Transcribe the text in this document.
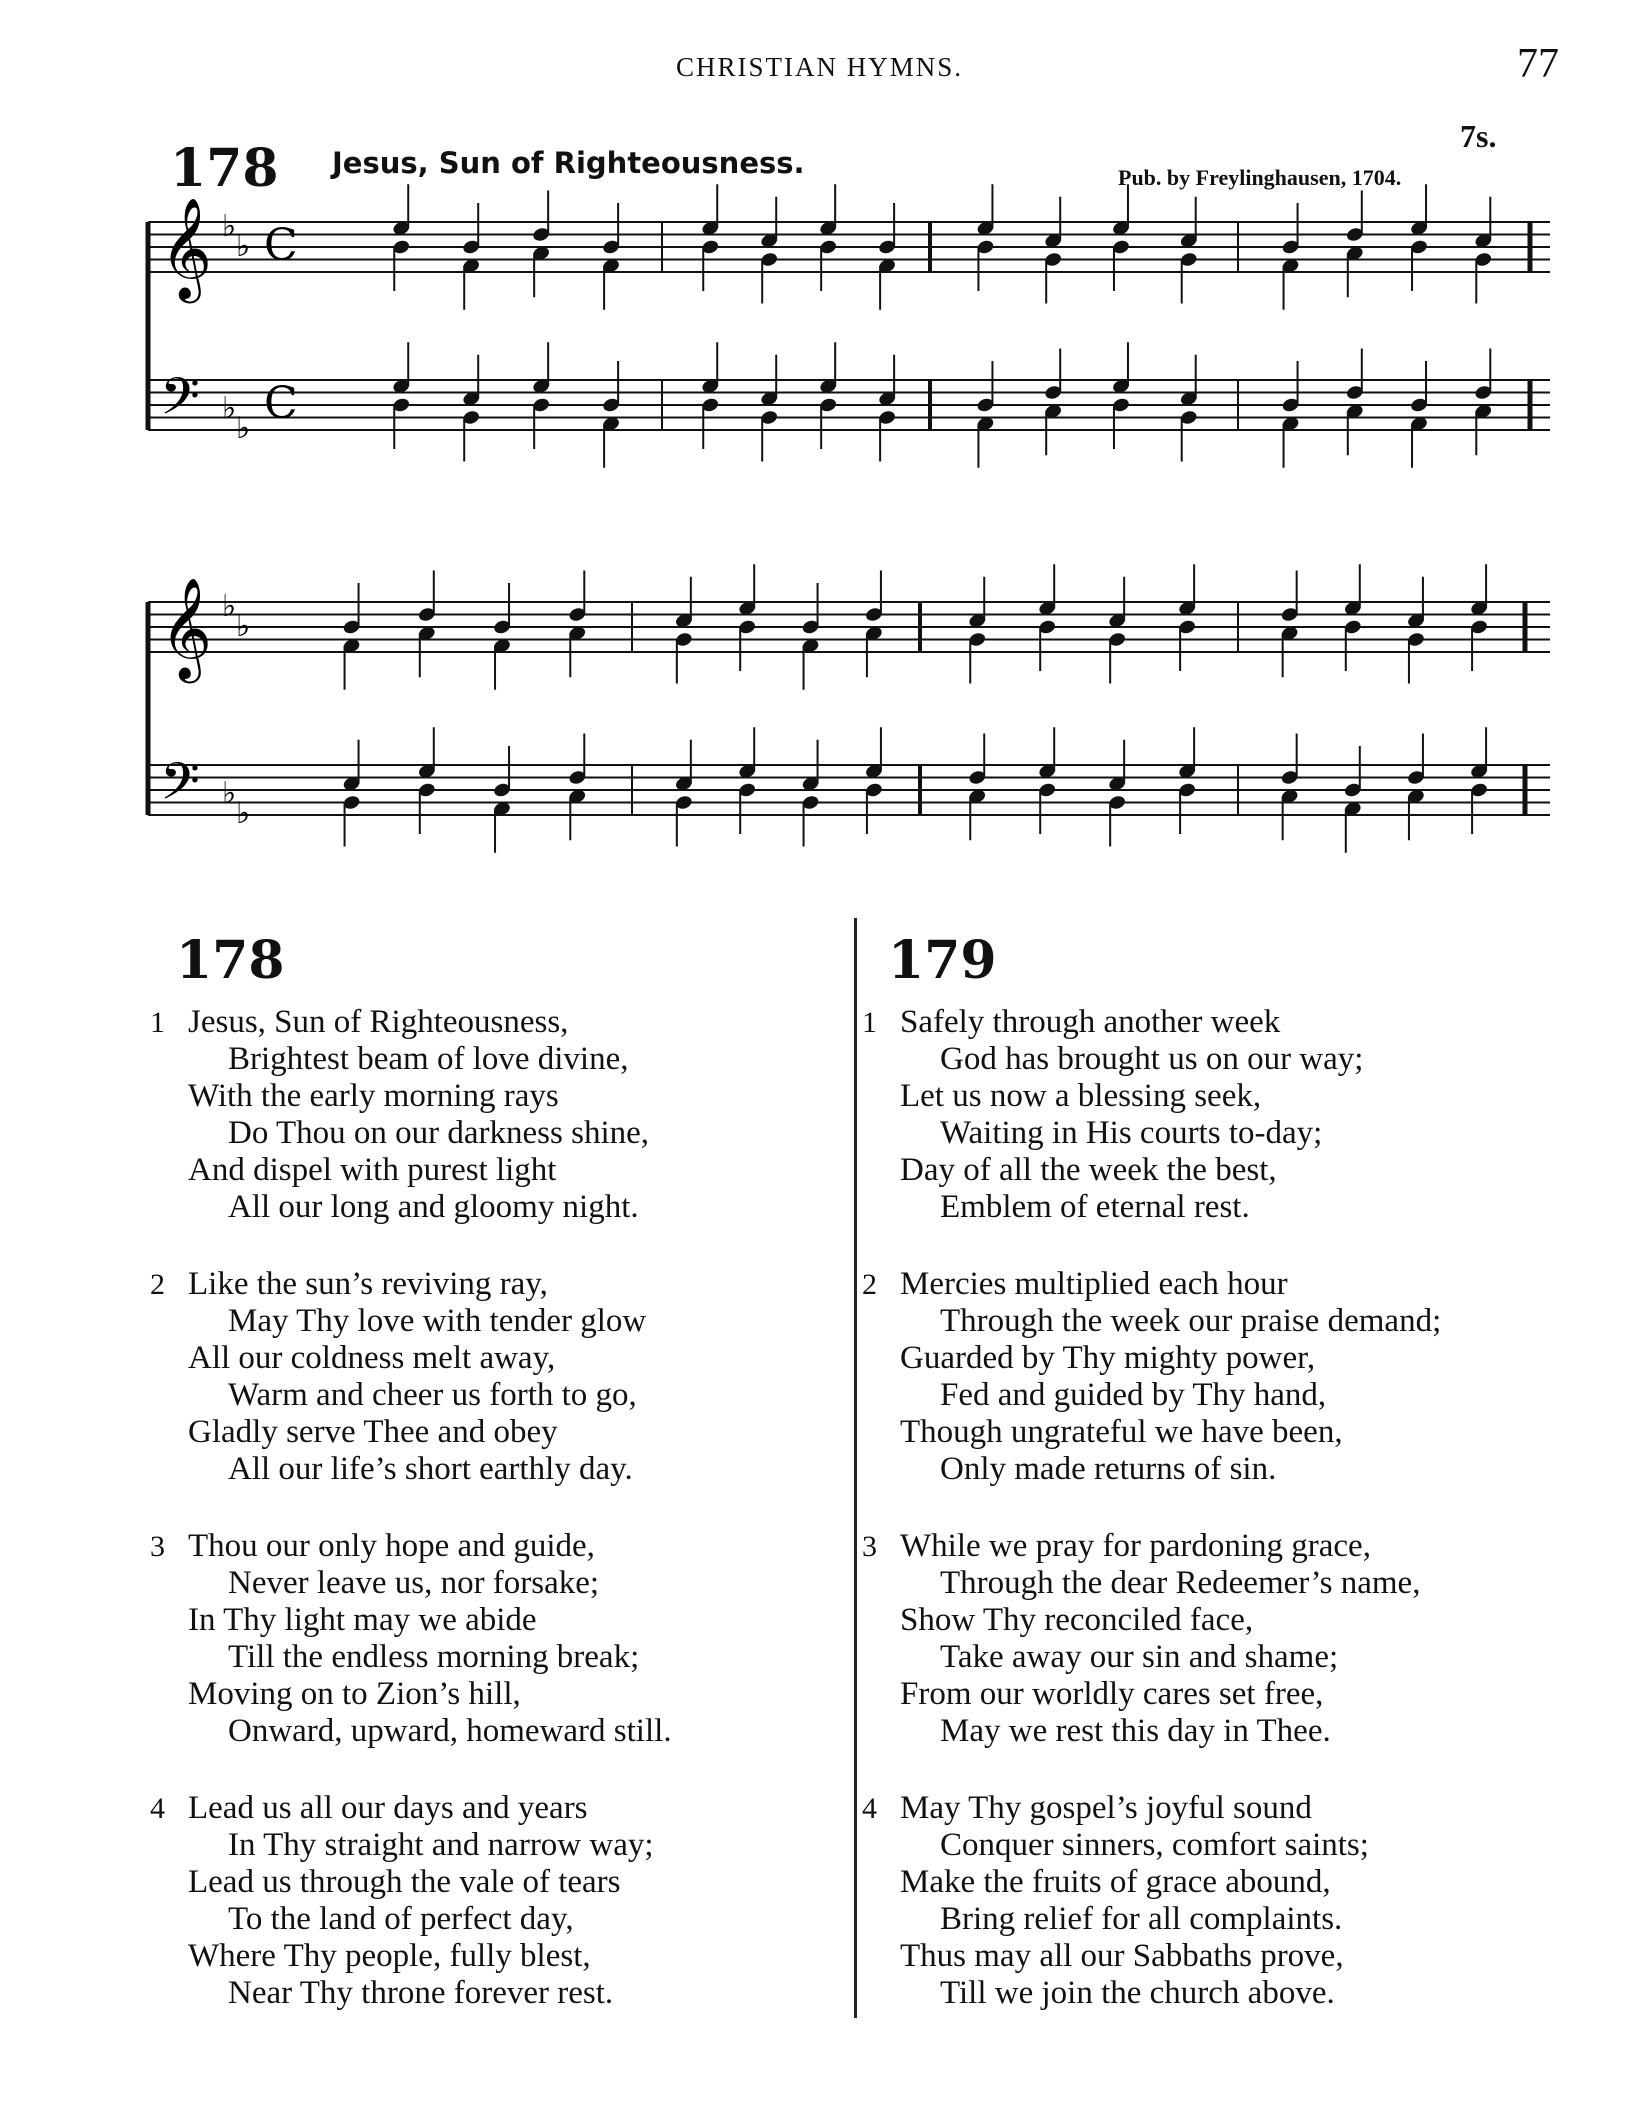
CHRISTIAN HYMNS.	77
178 Jesus, Sun of Righteousness.
7s.
Pub. by Freylinghausen, 1704.
𝄞 ♭
♭ C
𝄢 ♭
♭ C
𝄞 ♭
♭
𝄢 ♭
♭
178
1 Jesus, Sun of Righteousness,
Brightest beam of love divine,
With the early morning rays
Do Thou on our darkness shine,
And dispel with purest light
All our long and gloomy night.
2 Like the sun’s reviving ray,
May Thy love with tender glow
All our coldness melt away,
Warm and cheer us forth to go,
Gladly serve Thee and obey
All our life’s short earthly day.
3 Thou our only hope and guide,
Never leave us, nor forsake;
In Thy light may we abide
Till the endless morning break;
Moving on to Zion’s hill,
Onward, upward, homeward still.
4 Lead us all our days and years
In Thy straight and narrow way;
Lead us through the vale of tears
To the land of perfect day,
Where Thy people, fully blest,
Near Thy throne forever rest.
179
1 Safely through another week
God has brought us on our way;
Let us now a blessing seek,
Waiting in His courts to-day;
Day of all the week the best,
Emblem of eternal rest.
2 Mercies multiplied each hour
Through the week our praise demand;
Guarded by Thy mighty power,
Fed and guided by Thy hand,
Though ungrateful we have been,
Only made returns of sin.
3 While we pray for pardoning grace,
Through the dear Redeemer’s name,
Show Thy reconciled face,
Take away our sin and shame;
From our worldly cares set free,
May we rest this day in Thee.
4 May Thy gospel’s joyful sound
Conquer sinners, comfort saints;
Make the fruits of grace abound,
Bring relief for all complaints.
Thus may all our Sabbaths prove,
Till we join the church above.
